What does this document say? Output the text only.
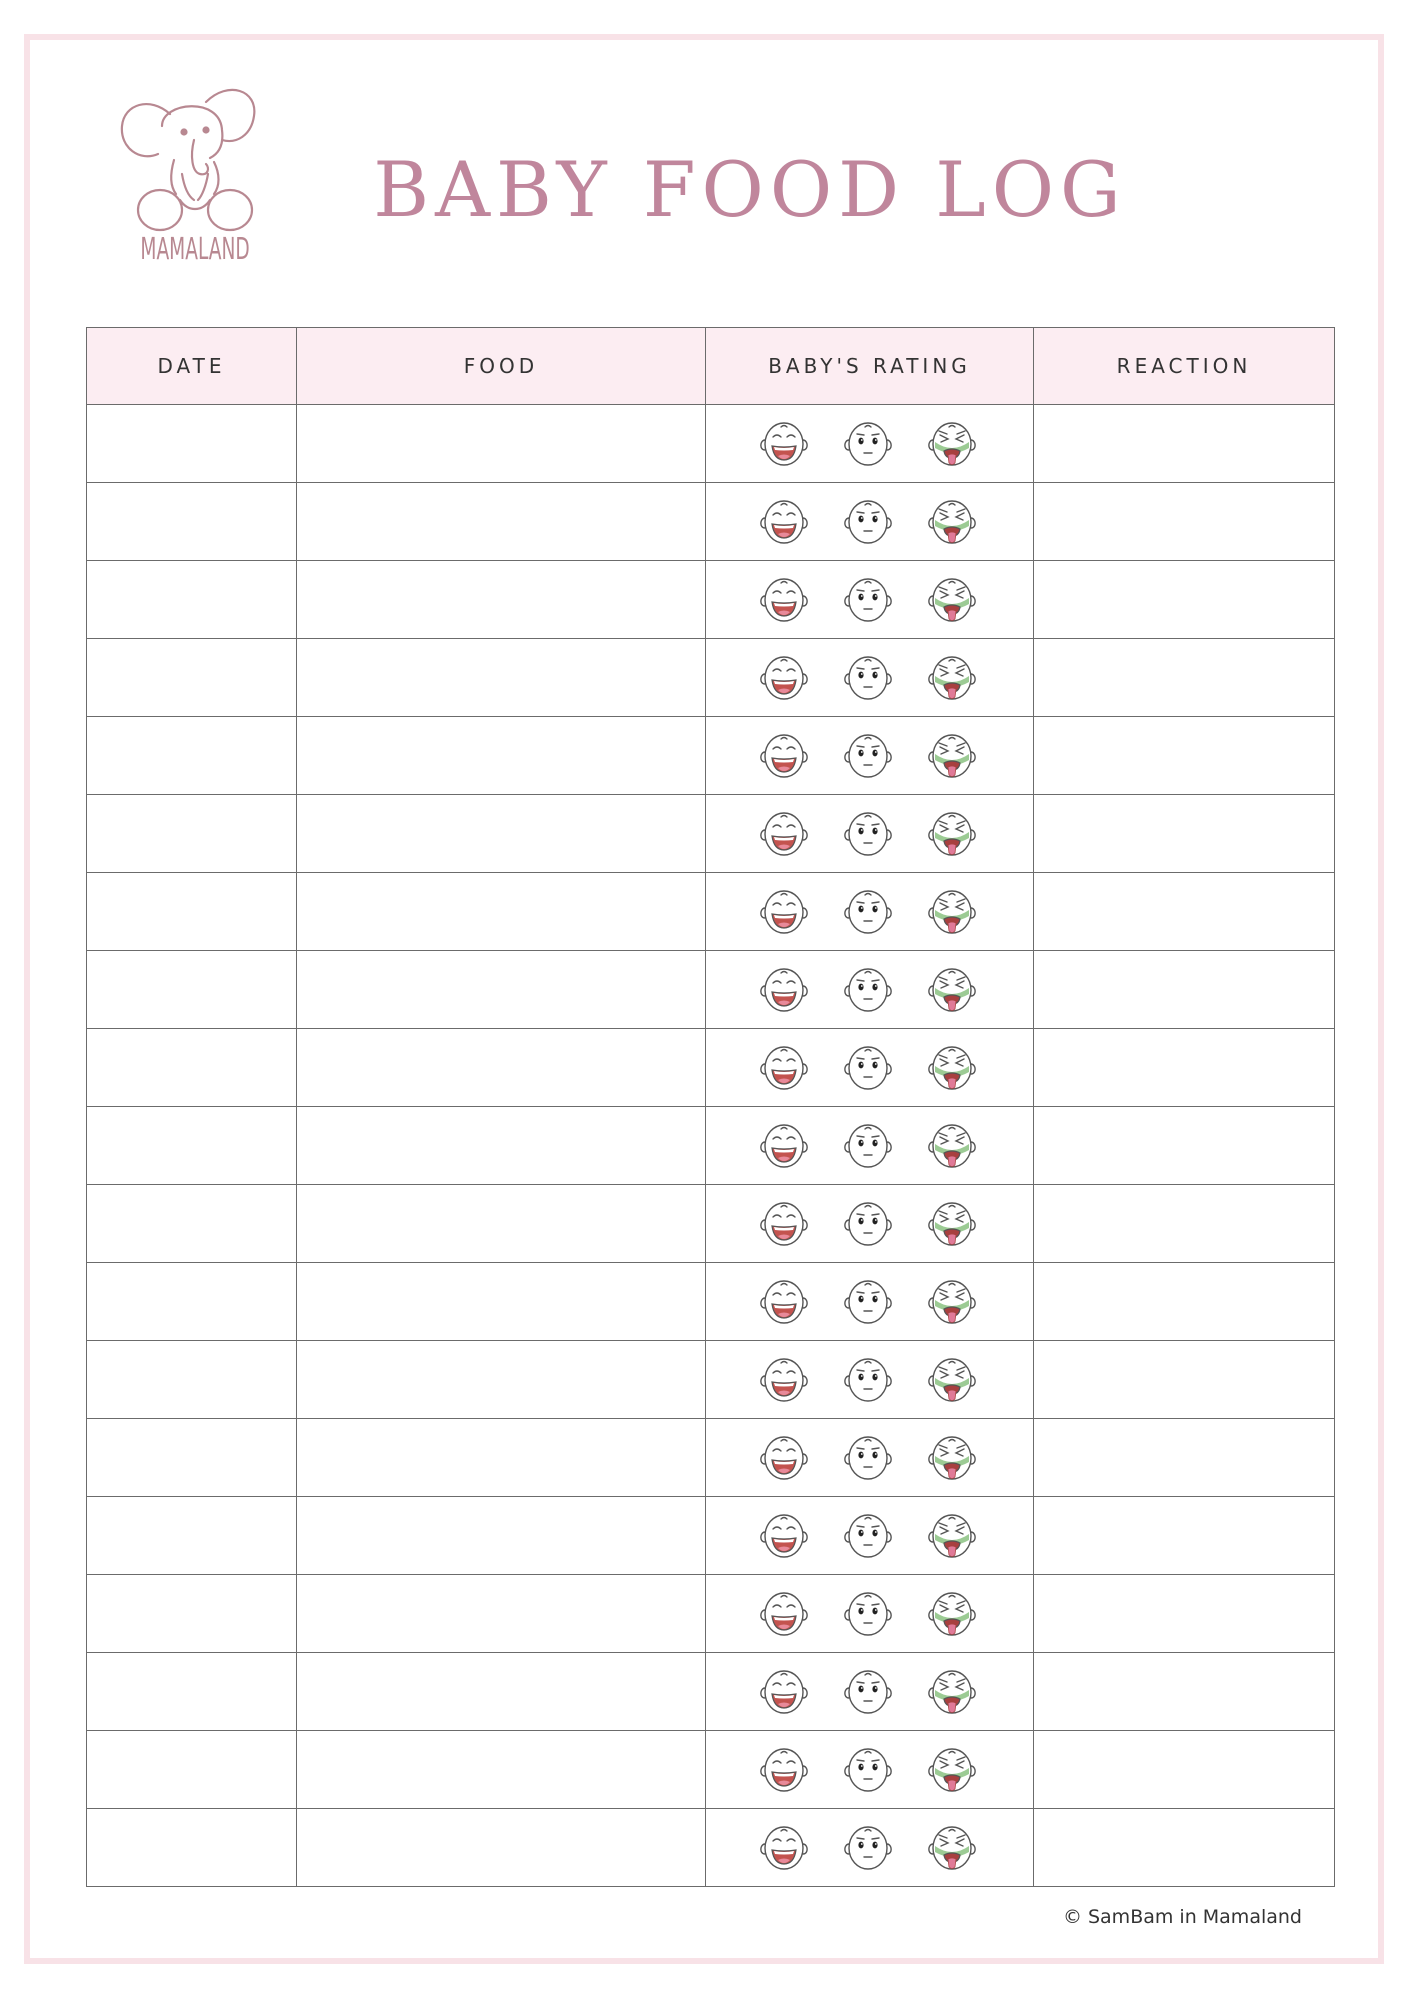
MAMALAND
BABY FOOD LOG
DATE	FOOD	BABY'S RATING	REACTION

© SamBam in Mamaland
